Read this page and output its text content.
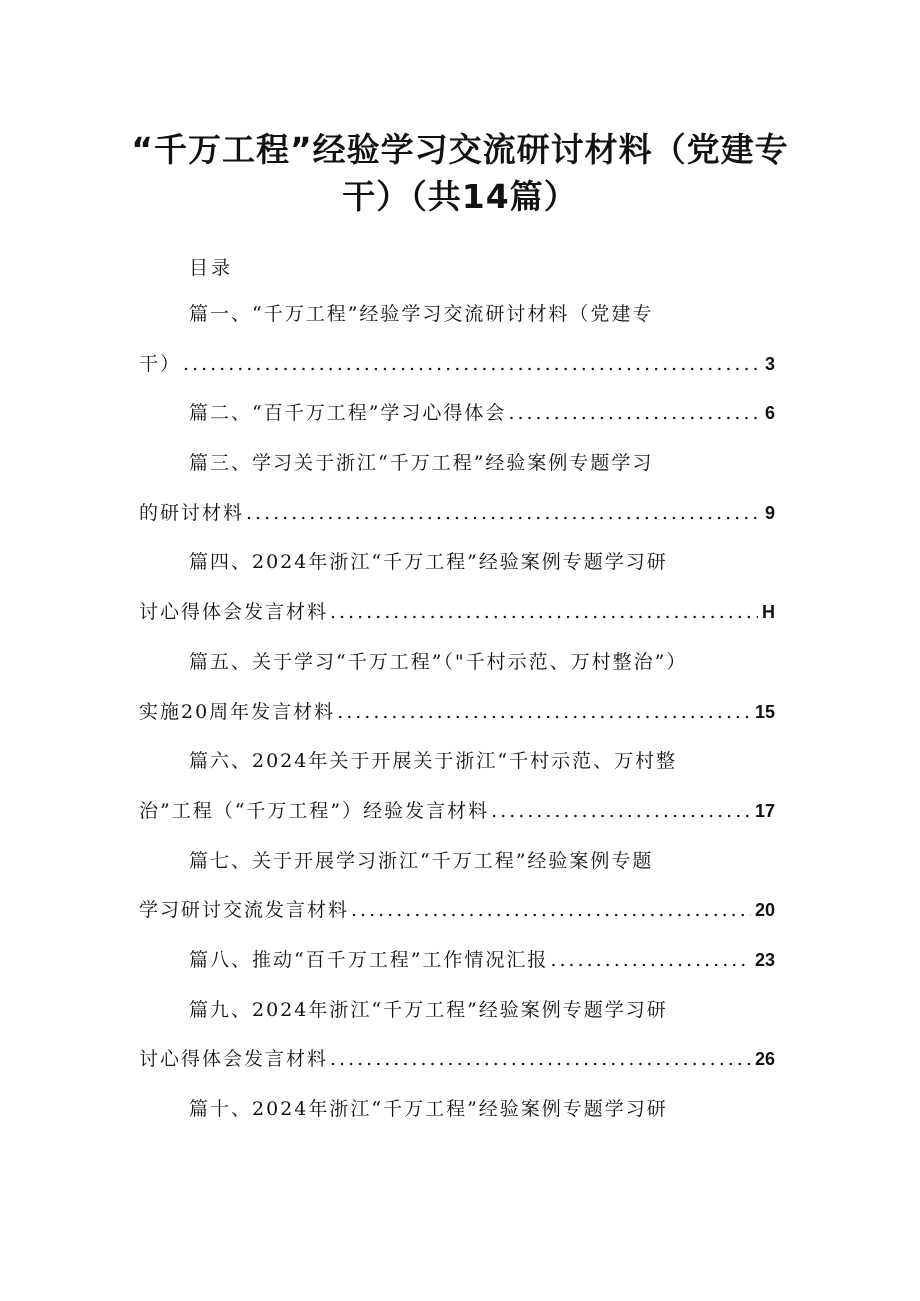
“千万工程”经验学习交流研讨材料（党建专
干）（共14篇）
目录
篇一、“千万工程”经验学习交流研讨材料（党建专
干） .....	3
篇二、“百千万工程”学习心得体会 .....	6
篇三、学习关于浙江“千万工程”经验案例专题学习
的研讨材料 .....	9
篇四、2024年浙江“千万工程”经验案例专题学习研
讨心得体会发言材料 .....	H
篇五、关于学习“千万工程”（"千村示范、万村整治”）
实施20周年发言材料 .....	15
篇六、2024年关于开展关于浙江“千村示范、万村整
治”工程（“千万工程”）经验发言材料 .....	17
篇七、关于开展学习浙江“千万工程”经验案例专题
学习研讨交流发言材料 .....	20
篇八、推动“百千万工程”工作情况汇报 .....	23
篇九、2024年浙江“千万工程”经验案例专题学习研
讨心得体会发言材料 .....	26
篇十、2024年浙江“千万工程”经验案例专题学习研
